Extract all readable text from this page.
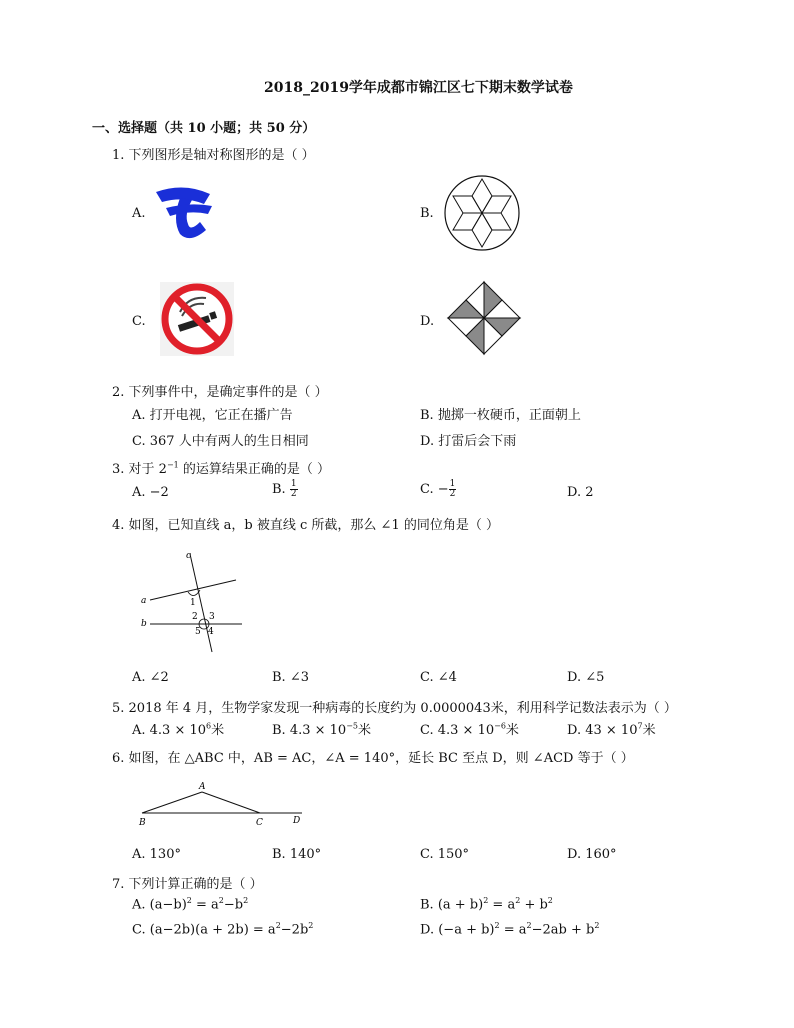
2018_2019学年成都市锦江区七下期末数学试卷
一、选择题（共 10 小题；共 50 分）
1. 下列图形是轴对称图形的是（ ）
A.	B.
C.	D.
2. 下列事件中，是确定事件的是（ ）
A. 打开电视，它正在播广告	B. 抛掷一枚硬币，正面朝上
C. 367 人中有两人的生日相同	D. 打雷后会下雨
3. 对于 $2^{-1}$ 的运算结果正确的是（ ）
A. −2	B. $\frac{1}{2}$	C. − $\frac{1}{2}$	D. 2
4. 如图，已知直线 a，b 被直线 c 所截，那么 ∠1 的同位角是（ ）
c
a
b
1
2 3
4
5
A. ∠2	B. ∠3	C. ∠4	D. ∠5
5. 2018 年 4 月，生物学家发现一种病毒的长度约为 0.0000043米，利用科学记数法表示为（ ）
A. $4.3 \times 10^6$米	B. $4.3 \times 10^{-5}$米	C. $4.3 \times 10^{-6}$米	D. $43 \times 10^7$米
6. 如图，在 △ABC 中，AB = AC，∠A = 140°，延长 BC 至点 D，则 ∠ACD 等于（ ）
A
B	C	D
A. 130°	B. 140°	C. 150°	D. 160°
7. 下列计算正确的是（ ）
A. $(a-b)^2 = a^2-b^2$	B. $(a + b)^2 = a^2 + b^2$
C. $(a-2b)(a + 2b) = a^2-2b^2$	D. $(-a + b)^2 = a^2-2ab + b^2$
